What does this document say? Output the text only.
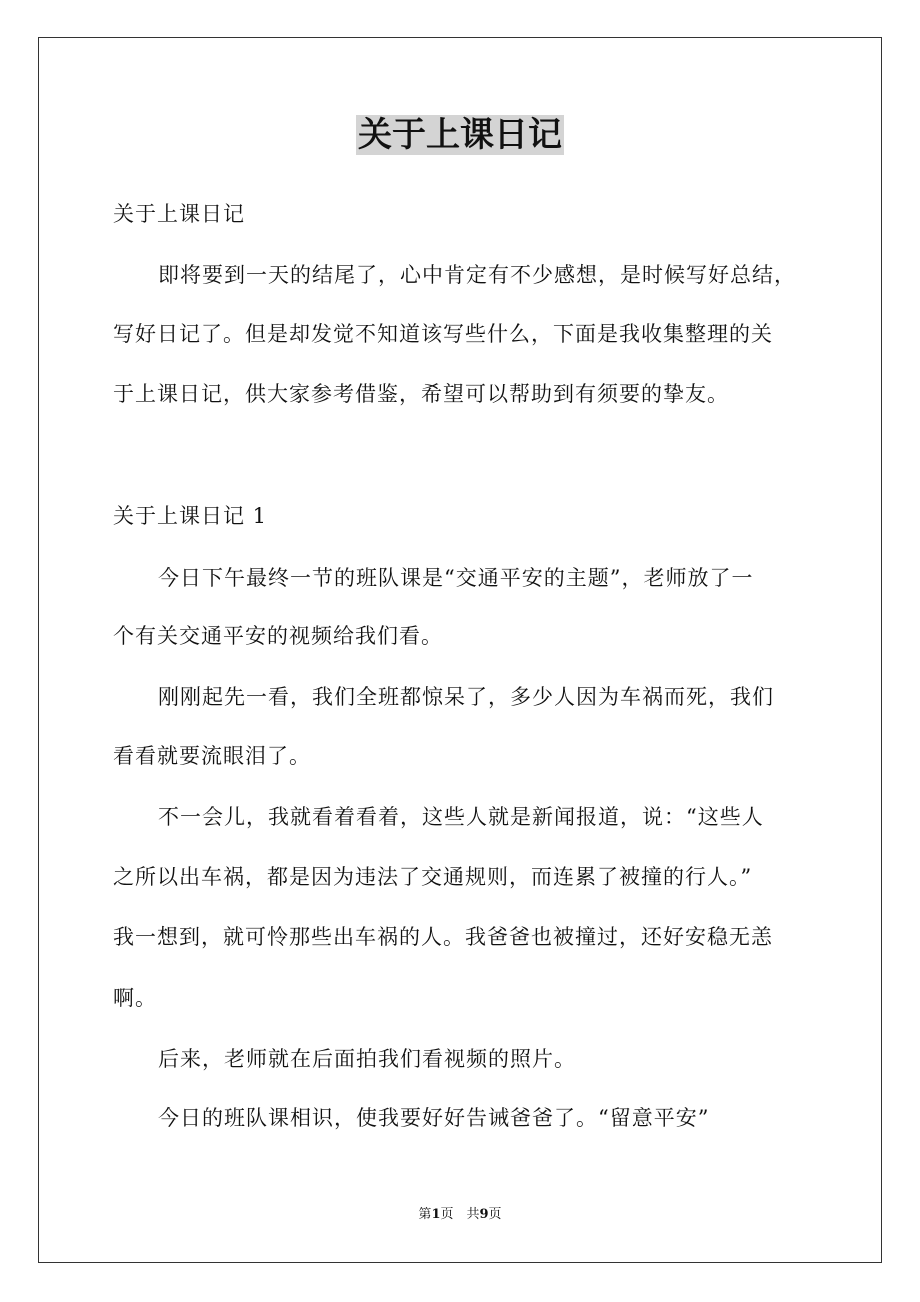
关于上课日记
关于上课日记
即将要到一天的结尾了，心中肯定有不少感想，是时候写好总结，
写好日记了。但是却发觉不知道该写些什么，下面是我收集整理的关
于上课日记，供大家参考借鉴，希望可以帮助到有须要的挚友。
关于上课日记 1
今日下午最终一节的班队课是“交通平安的主题”，老师放了一
个有关交通平安的视频给我们看。
刚刚起先一看，我们全班都惊呆了，多少人因为车祸而死，我们
看看就要流眼泪了。
不一会儿，我就看着看着，这些人就是新闻报道，说：“这些人
之所以出车祸，都是因为违法了交通规则，而连累了被撞的行人。”
我一想到，就可怜那些出车祸的人。我爸爸也被撞过，还好安稳无恙
啊。
后来，老师就在后面拍我们看视频的照片。
今日的班队课相识，使我要好好告诫爸爸了。“留意平安”
第1页　共9页
